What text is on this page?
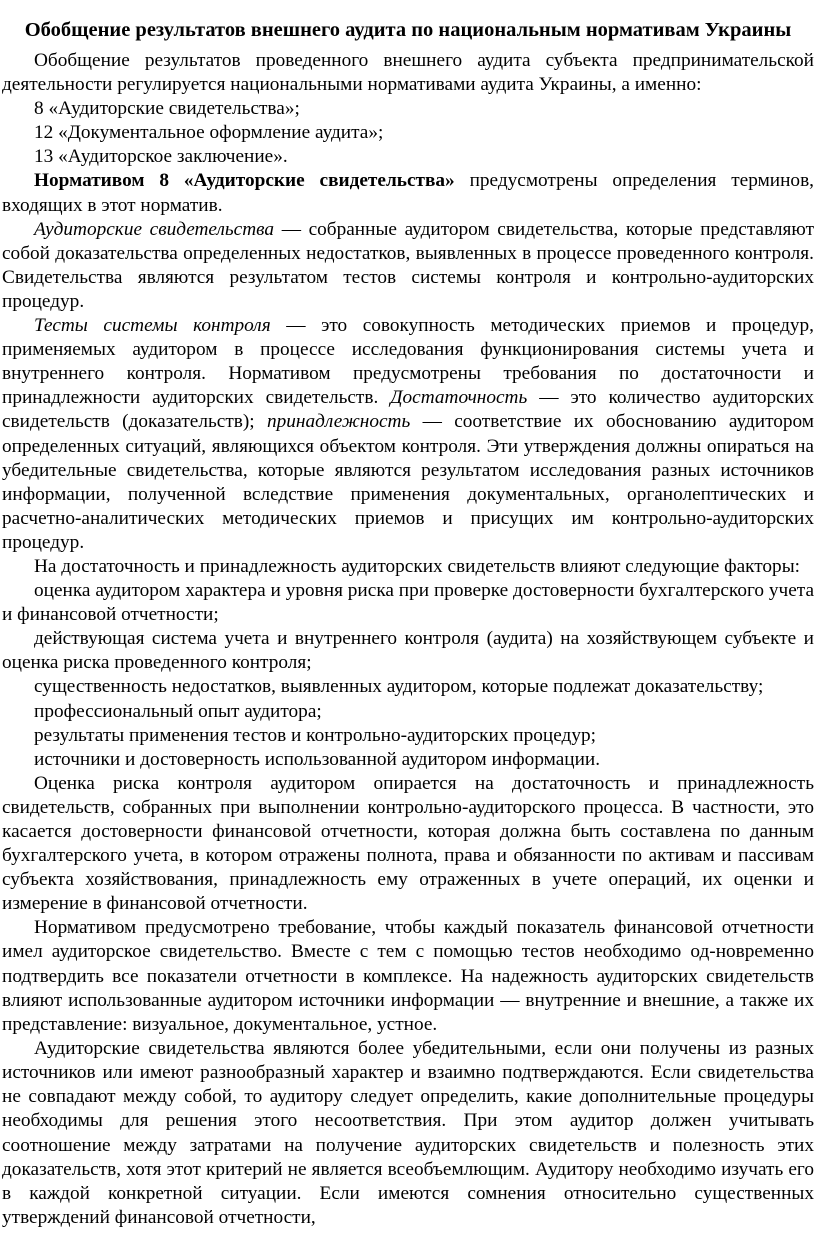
Обобщение результатов внешнего аудита по национальным нормативам Украины

Обобщение результатов проведенного внешнего аудита субъекта предпринимательской деятельности регулируется национальными нормативами аудита Украины, а именно:

8 «Аудиторские свидетельства»;

12 «Документальное оформление аудита»;

13 «Аудиторское заключение».

Нормативом 8 «Аудиторские свидетельства» предусмотрены определения терминов, входящих в этот норматив.

Аудиторские свидетельства — собранные аудитором свидетельства, которые представляют собой доказательства определенных недостатков, выявленных в процессе проведенного контроля. Свидетельства являются результатом тестов системы контроля и контрольно-аудиторских процедур.

Тесты системы контроля — это совокупность методических приемов и процедур, применяемых аудитором в процессе исследования функционирования системы учета и внутреннего контроля. Нормативом предусмотрены требования по достаточности и принадлежности аудиторских свидетельств. Достаточность — это количество аудиторских свидетельств (доказательств); принадлежность — соответствие их обоснованию аудитором определенных ситуаций, являющихся объектом контроля. Эти утверждения должны опираться на убедительные свидетельства, которые являются результатом исследования разных источников информации, полученной вследствие применения документальных, органолептических и расчетно-аналитических методических приемов и присущих им контрольно-аудиторских процедур.

На достаточность и принадлежность аудиторских свидетельств влияют следующие факторы:

оценка аудитором характера и уровня риска при проверке достоверности бухгалтерского учета и финансовой отчетности;

действующая система учета и внутреннего контроля (аудита) на хозяйствующем субъекте и оценка риска проведенного контроля;

существенность недостатков, выявленных аудитором, которые подлежат доказательству;

профессиональный опыт аудитора;

результаты применения тестов и контрольно-аудиторских процедур;

источники и достоверность использованной аудитором информации.

Оценка риска контроля аудитором опирается на достаточность и принадлежность свидетельств, собранных при выполнении контрольно-аудиторского процесса. В частности, это касается достоверности финансовой отчетности, которая должна быть составлена по данным бухгалтерского учета, в котором отражены полнота, права и обязанности по активам и пассивам субъекта хозяйствования, принадлежность ему отраженных в учете операций, их оценки и измерение в финансовой отчетности.

Нормативом предусмотрено требование, чтобы каждый показатель финансовой отчетности имел аудиторское свидетельство. Вместе с тем с помощью тестов необходимо од-новременно подтвердить все показатели отчетности в комплексе. На надежность аудиторских свидетельств влияют использованные аудитором источники информации — внутренние и внешние, а также их представление: визуальное, документальное, устное.

Аудиторские свидетельства являются более убедительными, если они получены из разных источников или имеют разнообразный характер и взаимно подтверждаются. Если свидетельства не совпадают между собой, то аудитору следует определить, какие дополнительные процедуры необходимы для решения этого несоответствия. При этом аудитор должен учитывать соотношение между затратами на получение аудиторских свидетельств и полезность этих доказательств, хотя этот критерий не является всеобъемлющим. Аудитору необходимо изучать его в каждой конкретной ситуации. Если имеются сомнения относительно существенных утверждений финансовой отчетности,
